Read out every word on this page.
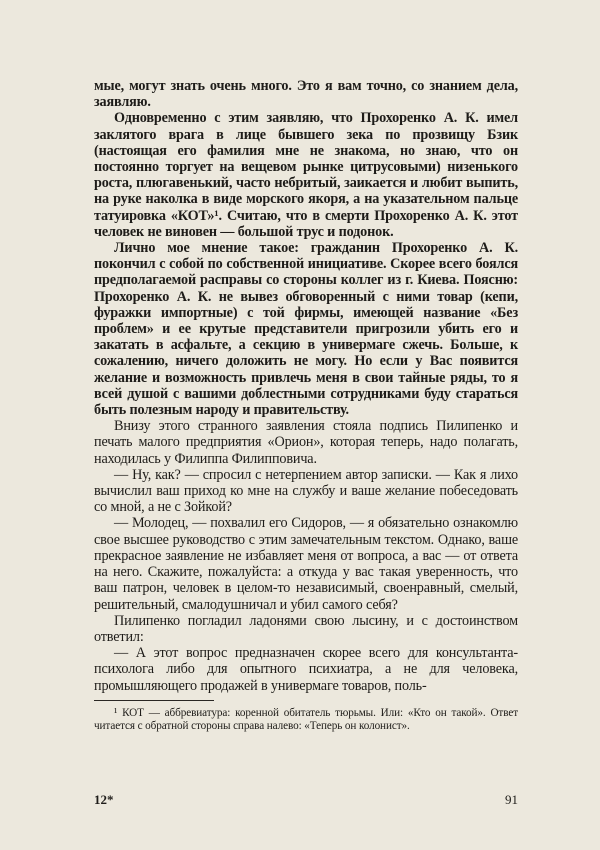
мые, могут знать очень много. Это я вам точно, со знанием дела, заявляю.

Одновременно с этим заявляю, что Прохоренко А. К. имел заклятого врага в лице бывшего зека по прозвищу Бзик (настоящая его фамилия мне не знакома, но знаю, что он постоянно торгует на вещевом рынке цитрусовыми) низенького роста, плюгавенький, часто небритый, заикается и любит выпить, на руке наколка в виде морского якоря, а на указательном пальце татуировка «КОТ»¹. Считаю, что в смерти Прохоренко А. К. этот человек не виновен — большой трус и подонок.

Лично мое мнение такое: гражданин Прохоренко А. К. покончил с собой по собственной инициативе. Скорее всего боялся предполагаемой расправы со стороны коллег из г. Киева. Поясню: Прохоренко А. К. не вывез обговоренный с ними товар (кепи, фуражки импортные) с той фирмы, имеющей название «Без проблем» и ее крутые представители пригрозили убить его и закатать в асфальте, а секцию в универмаге сжечь. Больше, к сожалению, ничего доложить не могу. Но если у Вас появится желание и возможность привлечь меня в свои тайные ряды, то я всей душой с вашими доблестными сотрудниками буду стараться быть полезным народу и правительству.

Внизу этого странного заявления стояла подпись Пилипенко и печать малого предприятия «Орион», которая теперь, надо полагать, находилась у Филиппа Филипповича.

— Ну, как? — спросил с нетерпением автор записки. — Как я лихо вычислил ваш приход ко мне на службу и ваше желание побеседовать со мной, а не с Зойкой?

— Молодец, — похвалил его Сидоров, — я обязательно ознакомлю свое высшее руководство с этим замечательным текстом. Однако, ваше прекрасное заявление не избавляет меня от вопроса, а вас — от ответа на него. Скажите, пожалуйста: а откуда у вас такая уверенность, что ваш патрон, человек в целом-то независимый, своенравный, смелый, решительный, смалодушничал и убил самого себя?

Пилипенко погладил ладонями свою лысину, и с достоинством ответил:

— А этот вопрос предназначен скорее всего для консультанта-психолога либо для опытного психиатра, а не для человека, промышляющего продажей в универмаге товаров, поль-

¹ КОТ — аббревиатура: коренной обитатель тюрьмы. Или: «Кто он такой». Ответ читается с обратной стороны справа налево: «Теперь он колонист».

12*	91
